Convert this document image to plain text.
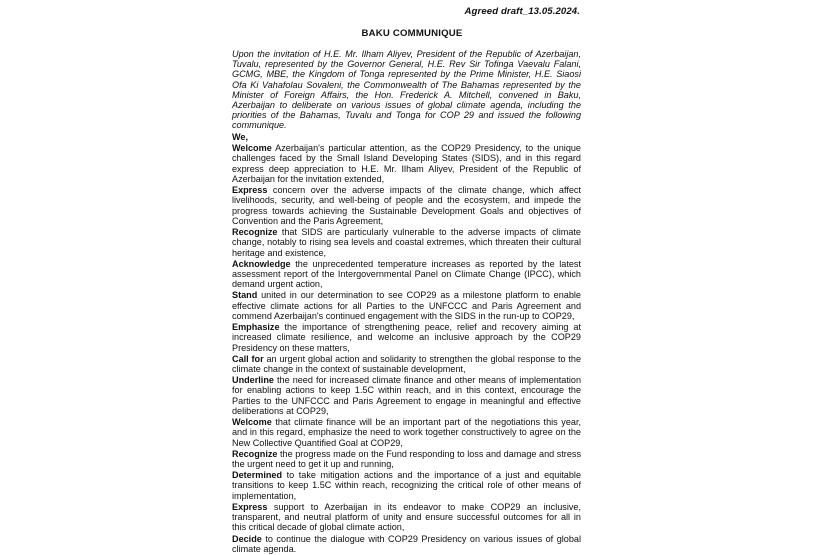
Agreed draft_13.05.2024.
BAKU COMMUNIQUE

Upon the invitation of H.E. Mr. Ilham Aliyev, President of the Republic of Azerbaijan, Tuvalu, represented by the Governor General, H.E. Rev Sir Tofinga Vaevalu Falani, GCMG, MBE, the Kingdom of Tonga represented by the Prime Minister, H.E. Siaosi Ofa Ki Vahafolau Sovaleni, the Commonwealth of The Bahamas represented by the Minister of Foreign Affairs, the Hon. Frederick A. Mitchell, convened in Baku, Azerbaijan to deliberate on various issues of global climate agenda, including the priorities of the Bahamas, Tuvalu and Tonga for COP 29 and issued the following communique.

We,

Welcome Azerbaijan's particular attention, as the COP29 Presidency, to the unique challenges faced by the Small Island Developing States (SIDS), and in this regard express deep appreciation to H.E. Mr. Ilham Aliyev, President of the Republic of Azerbaijan for the invitation extended,

Express concern over the adverse impacts of the climate change, which affect livelihoods, security, and well-being of people and the ecosystem, and impede the progress towards achieving the Sustainable Development Goals and objectives of Convention and the Paris Agreement,

Recognize that SIDS are particularly vulnerable to the adverse impacts of climate change, notably to rising sea levels and coastal extremes, which threaten their cultural heritage and existence,

Acknowledge the unprecedented temperature increases as reported by the latest assessment report of the Intergovernmental Panel on Climate Change (IPCC), which demand urgent action,

Stand united in our determination to see COP29 as a milestone platform to enable effective climate actions for all Parties to the UNFCCC and Paris Agreement and commend Azerbaijan's continued engagement with the SIDS in the run-up to COP29,

Emphasize the importance of strengthening peace, relief and recovery aiming at increased climate resilience, and welcome an inclusive approach by the COP29 Presidency on these matters,

Call for an urgent global action and solidarity to strengthen the global response to the climate change in the context of sustainable development,

Underline the need for increased climate finance and other means of implementation for enabling actions to keep 1.5C within reach, and in this context, encourage the Parties to the UNFCCC and Paris Agreement to engage in meaningful and effective deliberations at COP29,

Welcome that climate finance will be an important part of the negotiations this year, and in this regard, emphasize the need to work together constructively to agree on the New Collective Quantified Goal at COP29,

Recognize the progress made on the Fund responding to loss and damage and stress the urgent need to get it up and running,

Determined to take mitigation actions and the importance of a just and equitable transitions to keep 1.5C within reach, recognizing the critical role of other means of implementation,

Express support to Azerbaijan in its endeavor to make COP29 an inclusive, transparent, and neutral platform of unity and ensure successful outcomes for all in this critical decade of global climate action,

Decide to continue the dialogue with COP29 Presidency on various issues of global climate agenda.
